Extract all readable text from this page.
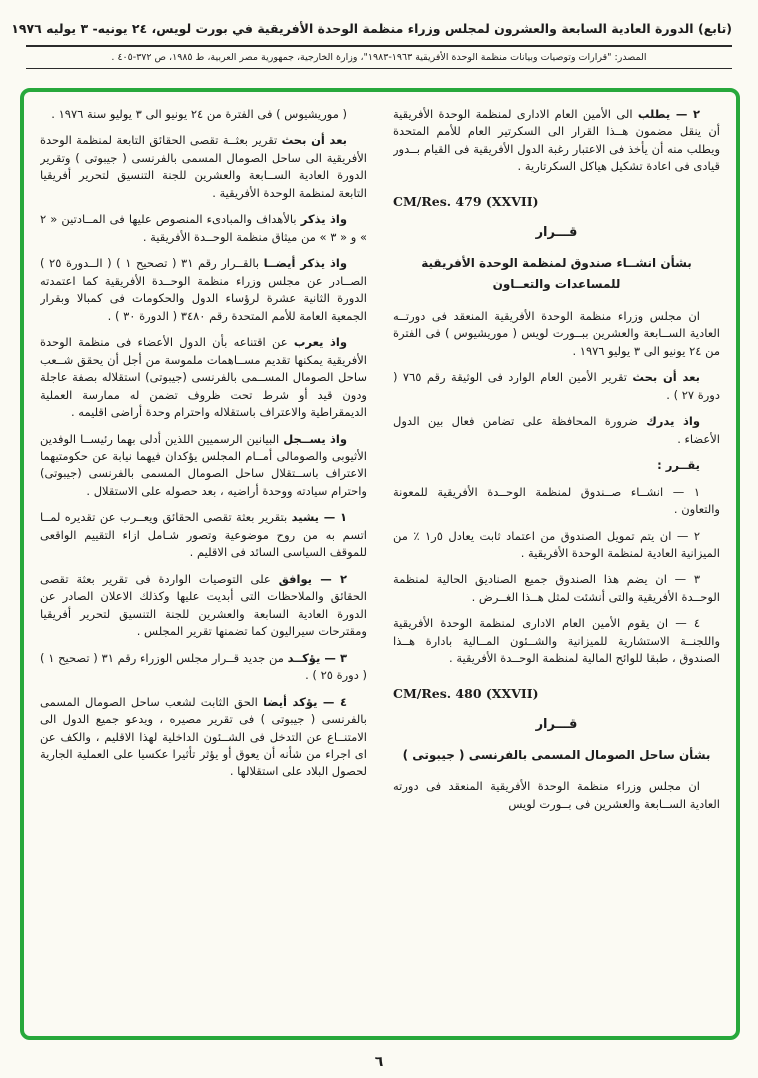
(تابع) الدورة العادية السابعة والعشرون لمجلس وزراء منظمة الوحدة الأفريقية في بورت لويس، ٢٤ يونيه- ٣ يوليه ١٩٧٦
المصدر: "قرارات وتوصيات وبيانات منظمة الوحدة الأفريقية ١٩٦٣-١٩٨٣"، وزارة الخارجية، جمهورية مصر العربية، ط ١٩٨٥، ص ٣٧٢-٤٠٥ .

٢ — يطلب الى الأمين العام الادارى لمنظمة الوحدة الأفريقية أن ينقل مضمون هــذا القرار الى السكرتير العام للأمم المتحدة ويطلب منه أن يأخذ فى الاعتبار رغبة الدول الأفريقية فى القيام بــدور قيادى فى اعادة تشكيل هياكل السكرتارية .

CM/Res. 479 (XXVII)

قـــرار

بشأن انشــاء صندوق لمنظمة الوحدة الأفريقية للمساعدات والتعــاون

ان مجلس وزراء منظمة الوحدة الأفريقية المنعقد فى دورتــه العادية الســابعة والعشرين ببــورت لويس ( موريشيوس ) فى الفترة من ٢٤ يونيو الى ٣ يوليو ١٩٧٦ .

بعد أن بحث تقرير الأمين العام الوارد فى الوثيقة رقم ٧٦٥ ( دورة ٢٧ ) .

واذ يدرك ضرورة المحافظة على تضامن فعال بين الدول الأعضاء .

يقــرر :

١ — انشــاء صــندوق لمنظمة الوحــدة الأفريقية للمعونة والتعاون .

٢ — ان يتم تمويل الصندوق من اعتماد ثابت يعادل ٥ر١ ٪ من الميزانية العادية لمنظمة الوحدة الأفريقية .

٣ — ان يضم هذا الصندوق جميع الصناديق الحالية لمنظمة الوحــدة الأفريقية والتى أنشئت لمثل هــذا الغــرض .

٤ — ان يقوم الأمين العام الادارى لمنظمة الوحدة الأفريقية واللجنــة الاستشارية للميزانية والشــئون المــالية بادارة هــذا الصندوق ، طبقا للوائح المالية لمنظمة الوحــدة الأفريقية .

CM/Res. 480 (XXVII)

قـــرار

بشأن ساحل الصومال المسمى بالفرنسى ( جيبوتى )

ان مجلس وزراء منظمة الوحدة الأفريقية المنعقد فى دورته العادية الســابعة والعشرين فى بــورت لويس

( موريشيوس ) فى الفترة من ٢٤ يونيو الى ٣ يوليو سنة ١٩٧٦ .

بعد أن بحث تقرير بعثــة تقصى الحقائق التابعة لمنظمة الوحدة الأفريقية الى ساحل الصومال المسمى بالفرنسى ( جيبوتى ) وتقرير الدورة العادية الســابعة والعشرين للجنة التنسيق لتحرير أفريقيا التابعة لمنظمة الوحدة الأفريقية .

واذ يذكر بالأهداف والمبادىء المنصوص عليها فى المــادتين « ٢ » و « ٣ » من ميثاق منظمة الوحــدة الأفريقية .

واذ يذكر أيضــا بالقــرار رقم ٣١ ( تصحيح ١ ) ( الــدورة ٢٥ ) الصــادر عن مجلس وزراء منظمة الوحــدة الأفريقية كما اعتمدته الدورة الثانية عشرة لرؤساء الدول والحكومات فى كمبالا وبقرار الجمعية العامة للأمم المتحدة رقم ٣٤٨٠ ( الدورة ٣٠ ) .

واذ يعرب عن اقتناعه بأن الدول الأعضاء فى منظمة الوحدة الأفريقية يمكنها تقديم مســاهمات ملموسة من أجل أن يحقق شــعب ساحل الصومال المســمى بالفرنسى (جيبوتى) استقلاله بصفة عاجلة ودون قيد أو شرط تحت ظروف تضمن له ممارسة العملية الديمقراطية والاعتراف باستقلاله واحترام وحدة أراضى اقليمه .

واذ يســجل البيانين الرسميين اللذين أدلى بهما رئيســا الوفدين الأثيوبى والصومالى أمــام المجلس يؤكدان فيهما نيابة عن حكومتيهما الاعتراف باســتقلال ساحل الصومال المسمى بالفرنسى (جيبوتى) واحترام سيادته ووحدة أراضيه ، بعد حصوله على الاستقلال .

١ — يشيد بتقرير بعثة تقصى الحقائق ويعــرب عن تقديره لمــا اتسم به من روح موضوعية وتصور شـامل ازاء التقييم الواقعى للموقف السياسى السائد فى الاقليم .

٢ — يوافق على التوصيات الواردة فى تقرير بعثة تقصى الحقائق والملاحظات التى أبديت عليها وكذلك الاعلان الصادر عن الدورة العادية السابعة والعشرين للجنة التنسيق لتحرير أفريقيا ومقترحات سيراليون كما تضمنها تقرير المجلس .

٣ — يؤكــد من جديد قــرار مجلس الوزراء رقم ٣١ ( تصحيح ١ ) ( دورة ٢٥ ) .

٤ — يؤكد أيضا الحق الثابت لشعب ساحل الصومال المسمى بالفرنسى ( جيبوتى ) فى تقرير مصيره ، ويدعو جميع الدول الى الامتنــاع عن التدخل فى الشــئون الداخلية لهذا الاقليم ، والكف عن اى اجراء من شأنه أن يعوق أو يؤثر تأثيرا عكسيا على العملية الجارية لحصول البلاد على استقلالها .

٦
